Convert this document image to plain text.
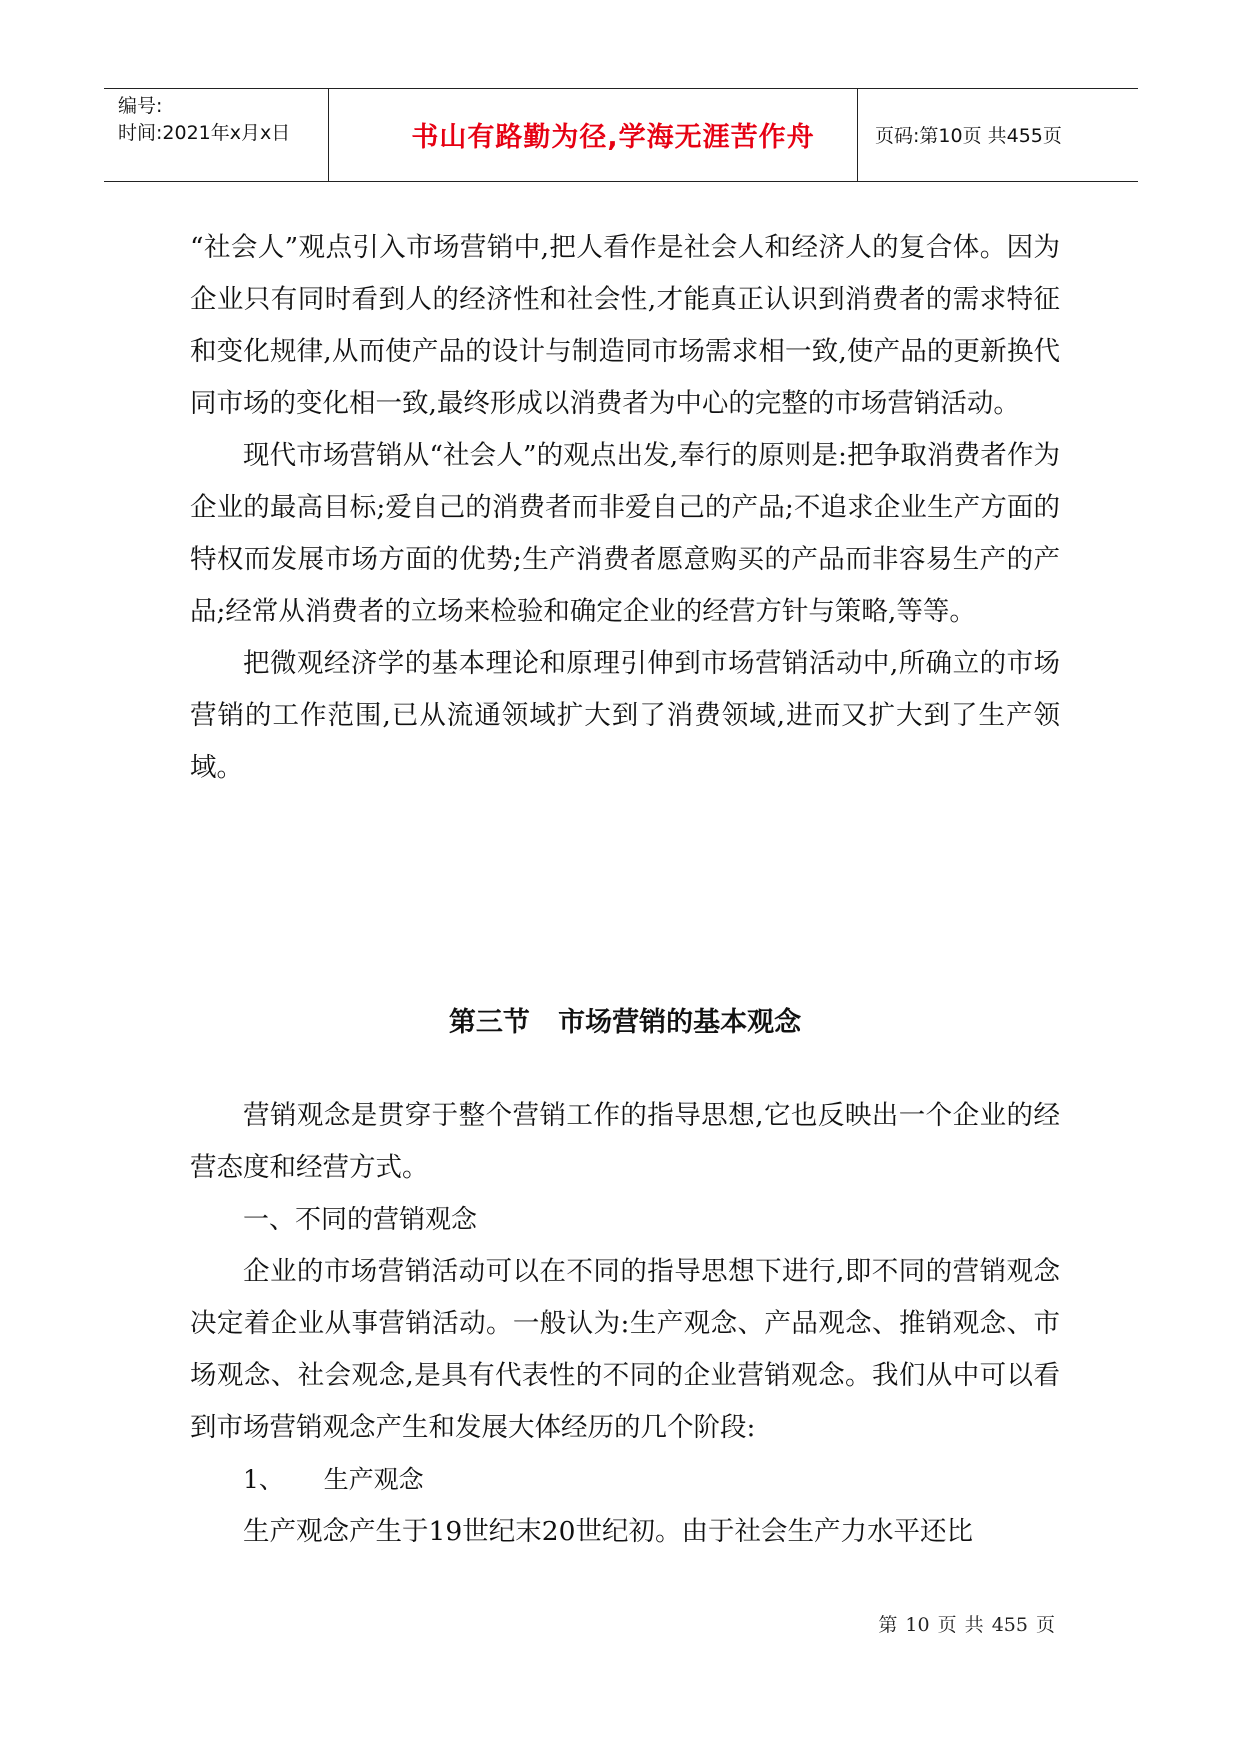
编号:
时间:2021年x月x日	书山有路勤为径,学海无涯苦作舟	页码:第10页 共455页

“社会人”观点引入市场营销中,把人看作是社会人和经济人的复合体。因为企业只有同时看到人的经济性和社会性,才能真正认识到消费者的需求特征和变化规律,从而使产品的设计与制造同市场需求相一致,使产品的更新换代同市场的变化相一致,最终形成以消费者为中心的完整的市场营销活动。

现代市场营销从“社会人”的观点出发,奉行的原则是:把争取消费者作为企业的最高目标;爱自己的消费者而非爱自己的产品;不追求企业生产方面的特权而发展市场方面的优势;生产消费者愿意购买的产品而非容易生产的产品;经常从消费者的立场来检验和确定企业的经营方针与策略,等等。

把微观经济学的基本理论和原理引伸到市场营销活动中,所确立的市场营销的工作范围,已从流通领域扩大到了消费领域,进而又扩大到了生产领域。

第三节   市场营销的基本观念

营销观念是贯穿于整个营销工作的指导思想,它也反映出一个企业的经营态度和经营方式。

一、不同的营销观念

企业的市场营销活动可以在不同的指导思想下进行,即不同的营销观念决定着企业从事营销活动。一般认为:生产观念、产品观念、推销观念、市场观念、社会观念,是具有代表性的不同的企业营销观念。我们从中可以看到市场营销观念产生和发展大体经历的几个阶段:

1、     生产观念

生产观念产生于19世纪末20世纪初。由于社会生产力水平还比

第 10 页 共 455 页
